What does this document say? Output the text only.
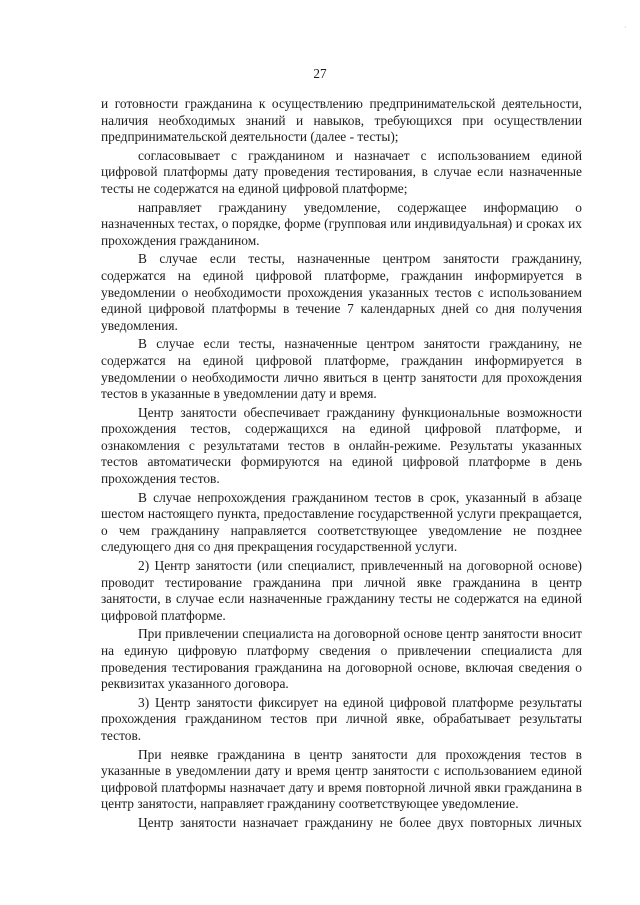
·
27

и готовности гражданина к осуществлению предпринимательской деятельности, наличия необходимых знаний и навыков, требующихся при осуществлении предпринимательской деятельности (далее - тесты);

согласовывает с гражданином и назначает с использованием единой цифровой платформы дату проведения тестирования, в случае если назначенные тесты не содержатся на единой цифровой платформе;

направляет гражданину уведомление, содержащее информацию о назначенных тестах, о порядке, форме (групповая или индивидуальная) и сроках их прохождения гражданином.

В случае если тесты, назначенные центром занятости гражданину, содержатся на единой цифровой платформе, гражданин информируется в уведомлении о необходимости прохождения указанных тестов с использованием единой цифровой платформы в течение 7 календарных дней со дня получения уведомления.

В случае если тесты, назначенные центром занятости гражданину, не содержатся на единой цифровой платформе, гражданин информируется в уведомлении о необходимости лично явиться в центр занятости для прохождения тестов в указанные в уведомлении дату и время.

Центр занятости обеспечивает гражданину функциональные возможности прохождения тестов, содержащихся на единой цифровой платформе, и ознакомления с результатами тестов в онлайн-режиме. Результаты указанных тестов автоматически формируются на единой цифровой платформе в день прохождения тестов.

В случае непрохождения гражданином тестов в срок, указанный в абзаце шестом настоящего пункта, предоставление государственной услуги прекращается, о чем гражданину направляется соответствующее уведомление не позднее следующего дня со дня прекращения государственной услуги.

2) Центр занятости (или специалист, привлеченный на договорной основе) проводит тестирование гражданина при личной явке гражданина в центр занятости, в случае если назначенные гражданину тесты не содержатся на единой цифровой платформе.

При привлечении специалиста на договорной основе центр занятости вносит на единую цифровую платформу сведения о привлечении специалиста для проведения тестирования гражданина на договорной основе, включая сведения о реквизитах указанного договора.

3) Центр занятости фиксирует на единой цифровой платформе результаты прохождения гражданином тестов при личной явке, обрабатывает результаты тестов.

При неявке гражданина в центр занятости для прохождения тестов в указанные в уведомлении дату и время центр занятости с использованием единой цифровой платформы назначает дату и время повторной личной явки гражданина в центр занятости, направляет гражданину соответствующее уведомление.

Центр занятости назначает гражданину не более двух повторных личных
